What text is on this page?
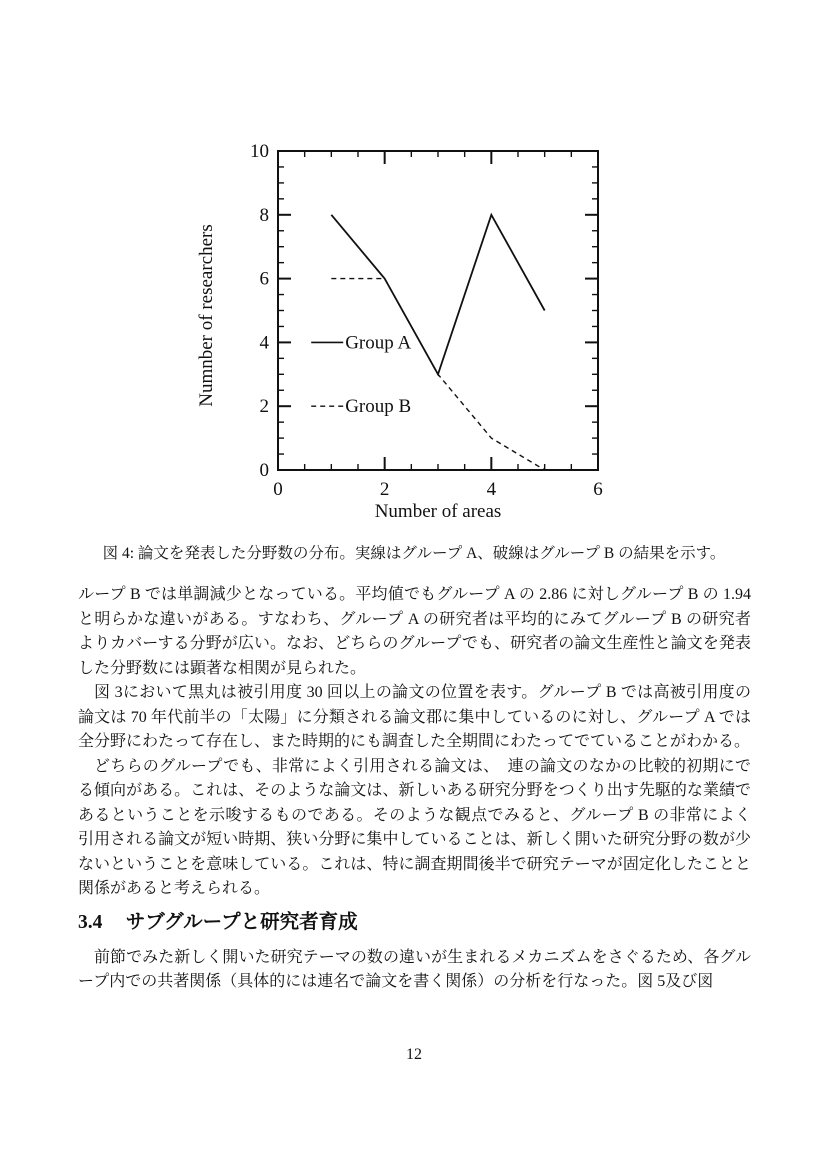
0	2	4	6
0
2
4
6
8
10
Number of areas
Numnber of researchers	Group A
Group B
図 4: 論文を発表した分野数の分布。実線はグループ A、破線はグループ B の結果を示す。

ループ B では単調減少となっている。平均値でもグループ A の 2.86 に対しグループ B の 1.94 と明らかな違いがある。すなわち、グループ A の研究者は平均的にみてグループ B の研究者よりカバーする分野が広い。なお、どちらのグループでも、研究者の論文生産性と論文を発表した分野数には顕著な相関が見られた。

図 3において黒丸は被引用度 30 回以上の論文の位置を表す。グループ B では高被引用度の論文は 70 年代前半の「太陽」に分類される論文郡に集中しているのに対し、グループ A では全分野にわたって存在し、また時期的にも調査した全期間にわたってでていることがわかる。

どちらのグループでも、非常によく引用される論文は、　連の論文のなかの比較的初期にでる傾向がある。これは、そのような論文は、新しいある研究分野をつくり出す先駆的な業績であるということを示唆するものである。そのような観点でみると、グループ B の非常によく引用される論文が短い時期、狭い分野に集中していることは、新しく開いた研究分野の数が少ないということを意味している。これは、特に調査期間後半で研究テーマが固定化したことと関係があると考えられる。

3.4 サブグループと研究者育成

前節でみた新しく開いた研究テーマの数の違いが生まれるメカニズムをさぐるため、各グループ内での共著関係（具体的には連名で論文を書く関係）の分析を行なった。図 5及び図

12
